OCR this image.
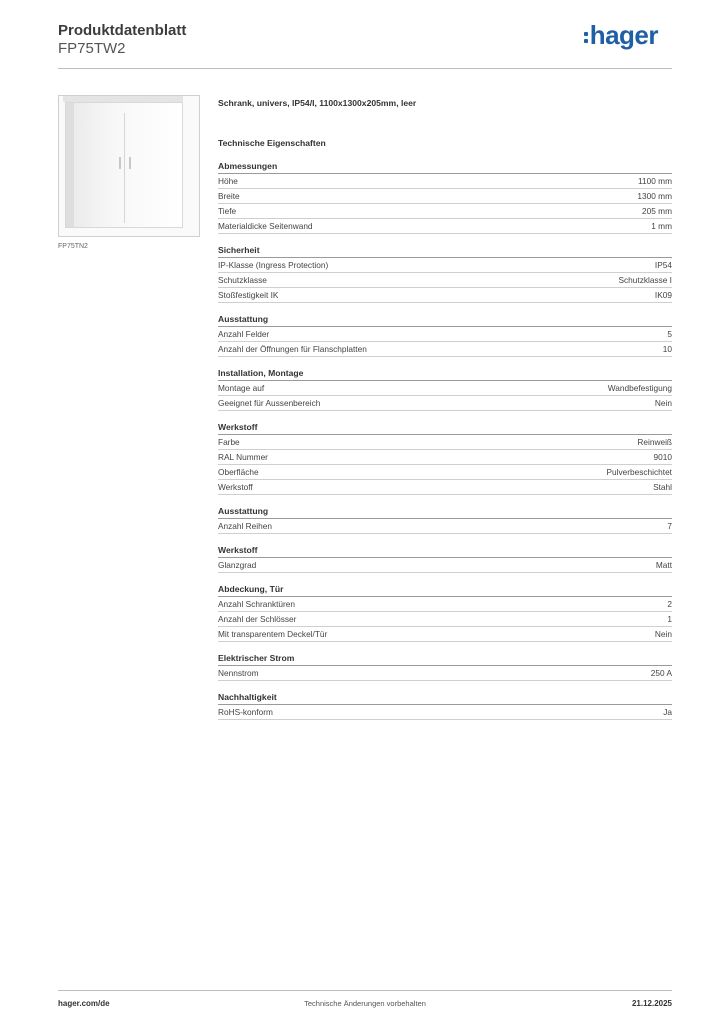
Produktdatenblatt
FP75TW2	hager
FP75TN2
Schrank, univers, IP54/I, 1100x1300x205mm, leer
Technische Eigenschaften
Abmessungen
Höhe	1100 mm
Breite	1300 mm
Tiefe	205 mm
Materialdicke Seitenwand	1 mm
Sicherheit
IP-Klasse (Ingress Protection)	IP54
Schutzklasse	Schutzklasse I
Stoßfestigkeit IK	IK09
Ausstattung
Anzahl Felder	5
Anzahl der Öffnungen für Flanschplatten	10
Installation, Montage
Montage auf	Wandbefestigung
Geeignet für Aussenbereich	Nein
Werkstoff
Farbe	Reinweiß
RAL Nummer	9010
Oberfläche	Pulverbeschichtet
Werkstoff	Stahl
Ausstattung
Anzahl Reihen	7
Werkstoff
Glanzgrad	Matt
Abdeckung, Tür
Anzahl Schranktüren	2
Anzahl der Schlösser	1
Mit transparentem Deckel/Tür	Nein
Elektrischer Strom
Nennstrom	250 A
Nachhaltigkeit
RoHS-konform	Ja
hager.com/de	Technische Änderungen vorbehalten	21.12.2025
